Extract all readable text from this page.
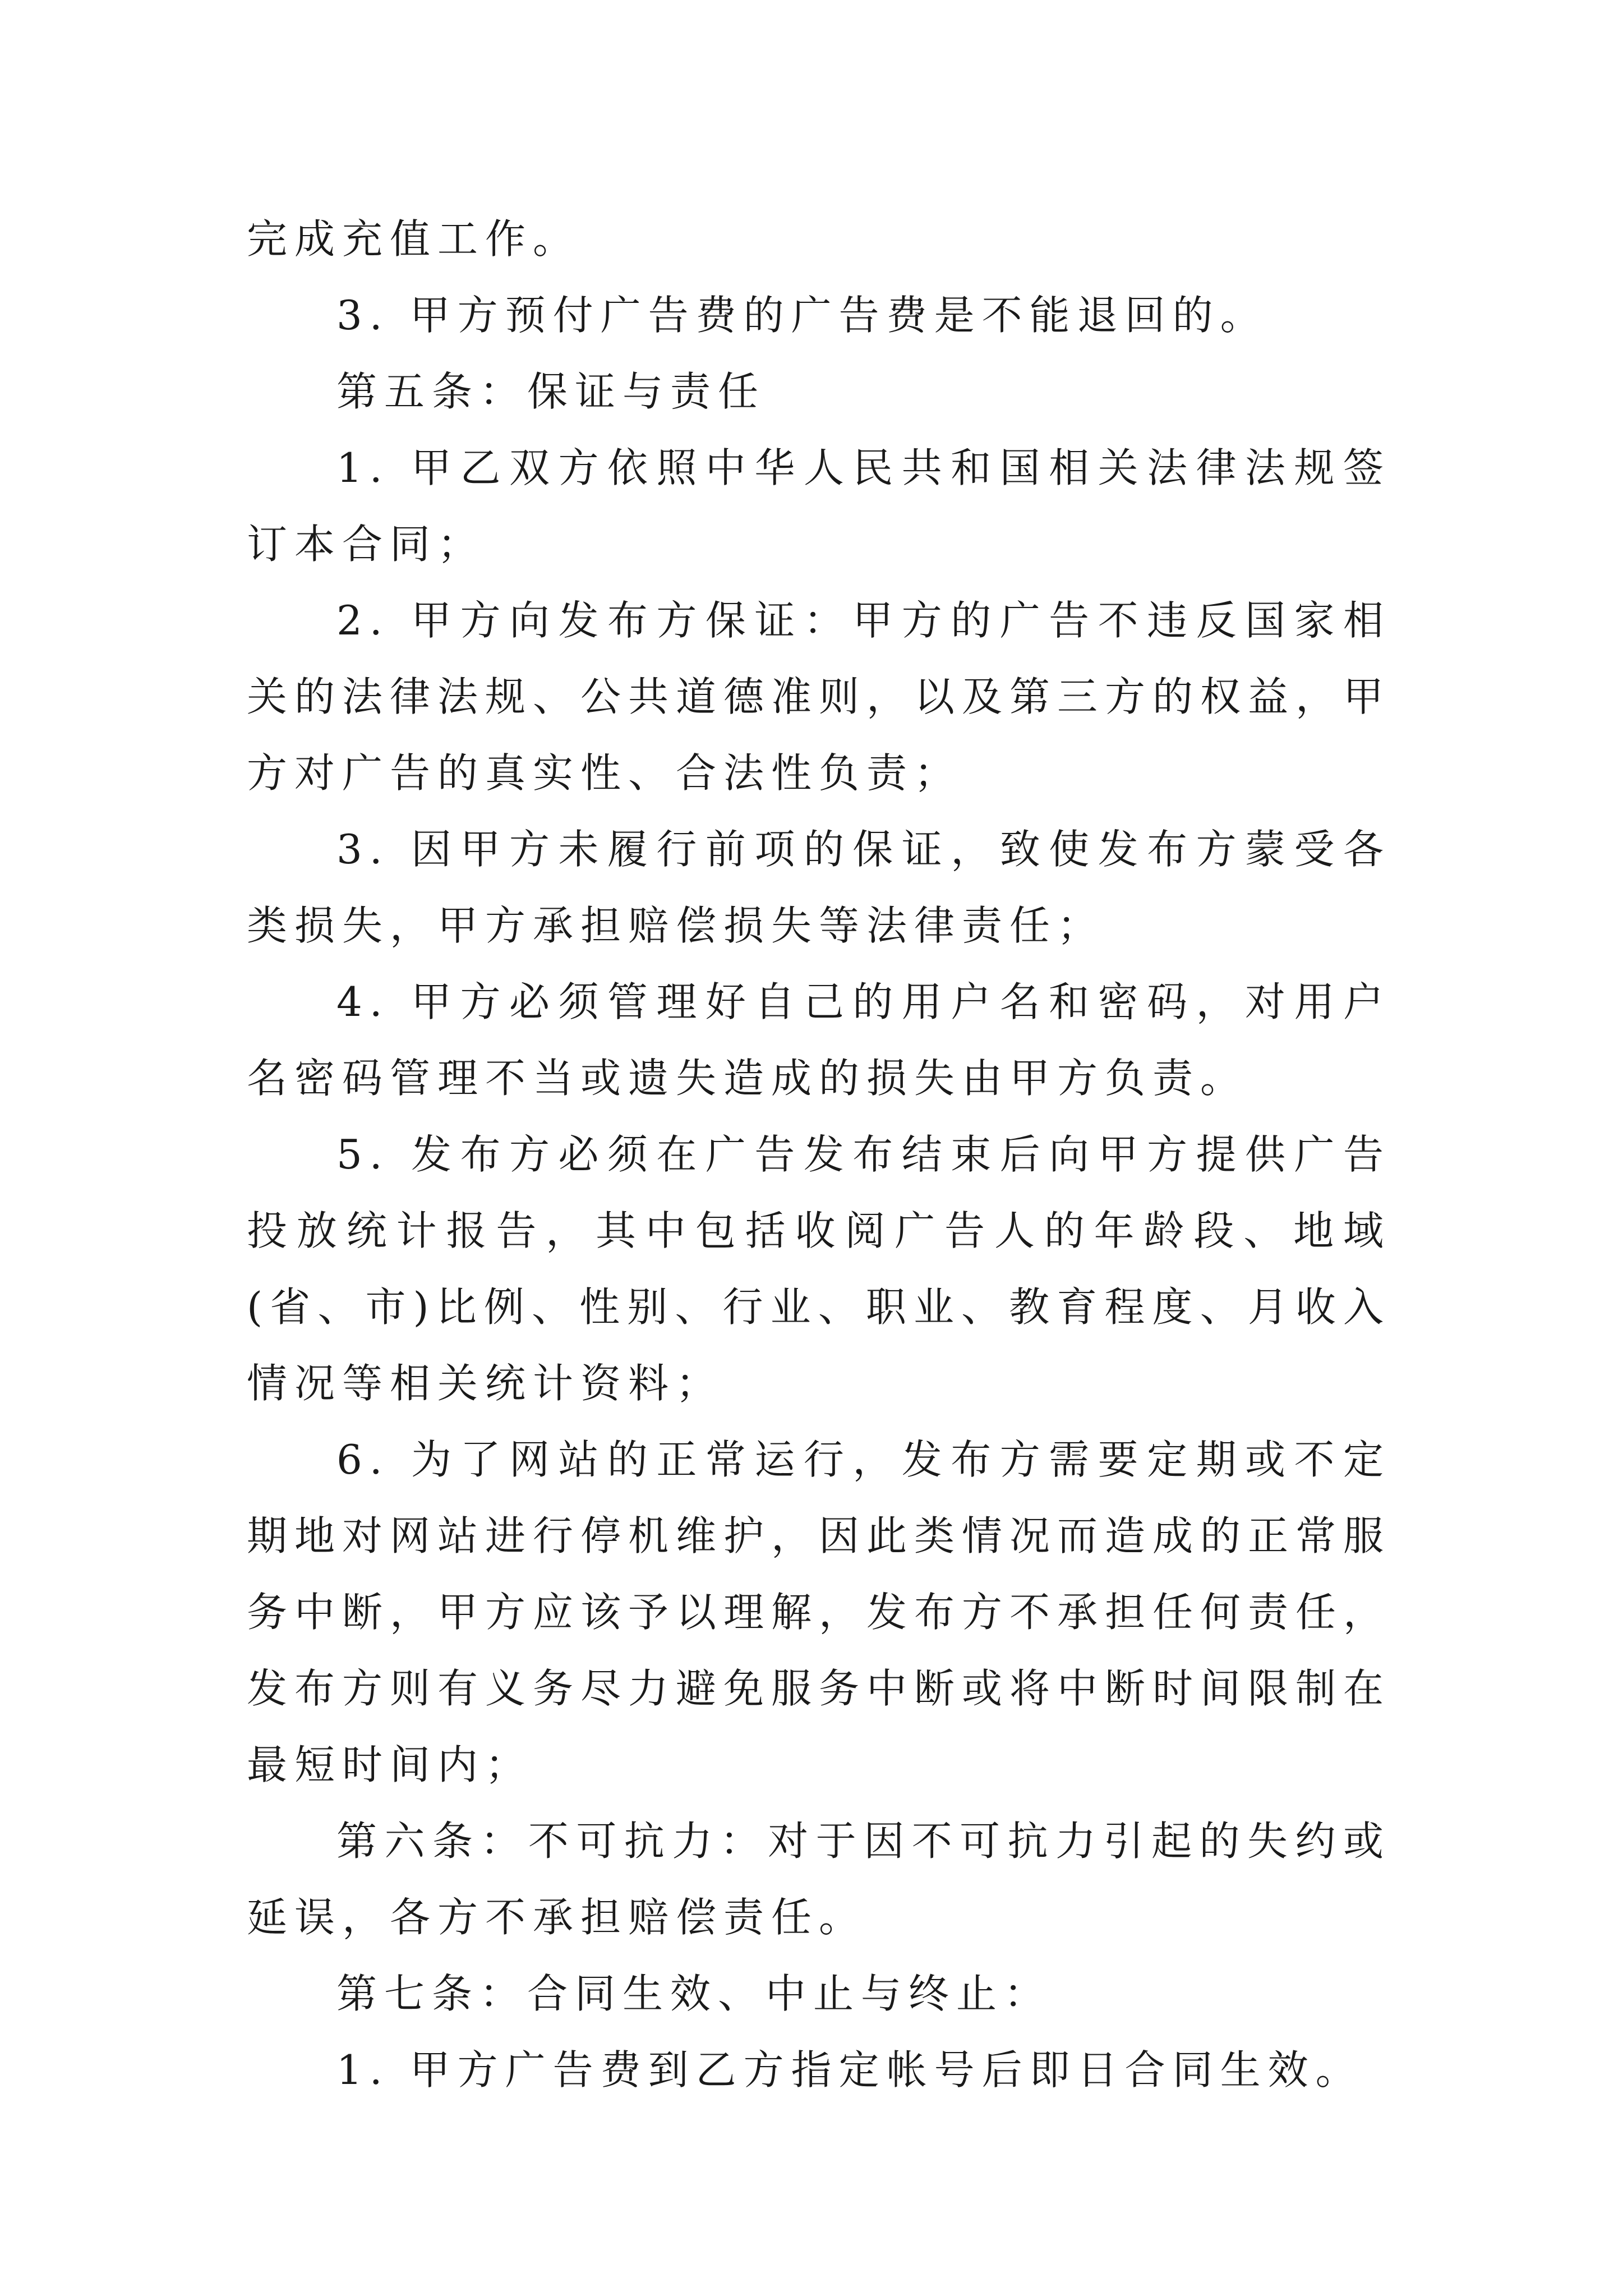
完成充值工作。

3. 甲方预付广告费的广告费是不能退回的。

第五条：保证与责任

1. 甲乙双方依照中华人民共和国相关法律法规签订本合同；

2. 甲方向发布方保证：甲方的广告不违反国家相关的法律法规、公共道德准则，以及第三方的权益，甲方对广告的真实性、合法性负责；

3. 因甲方未履行前项的保证，致使发布方蒙受各类损失，甲方承担赔偿损失等法律责任；

4. 甲方必须管理好自己的用户名和密码，对用户名密码管理不当或遗失造成的损失由甲方负责。

5. 发布方必须在广告发布结束后向甲方提供广告投放统计报告，其中包括收阅广告人的年龄段、地域(省、市)比例、性别、行业、职业、教育程度、月收入情况等相关统计资料；

6. 为了网站的正常运行，发布方需要定期或不定期地对网站进行停机维护，因此类情况而造成的正常服务中断，甲方应该予以理解，发布方不承担任何责任，发布方则有义务尽力避免服务中断或将中断时间限制在最短时间内；

第六条：不可抗力：对于因不可抗力引起的失约或延误，各方不承担赔偿责任。

第七条：合同生效、中止与终止：

1. 甲方广告费到乙方指定帐号后即日合同生效。
